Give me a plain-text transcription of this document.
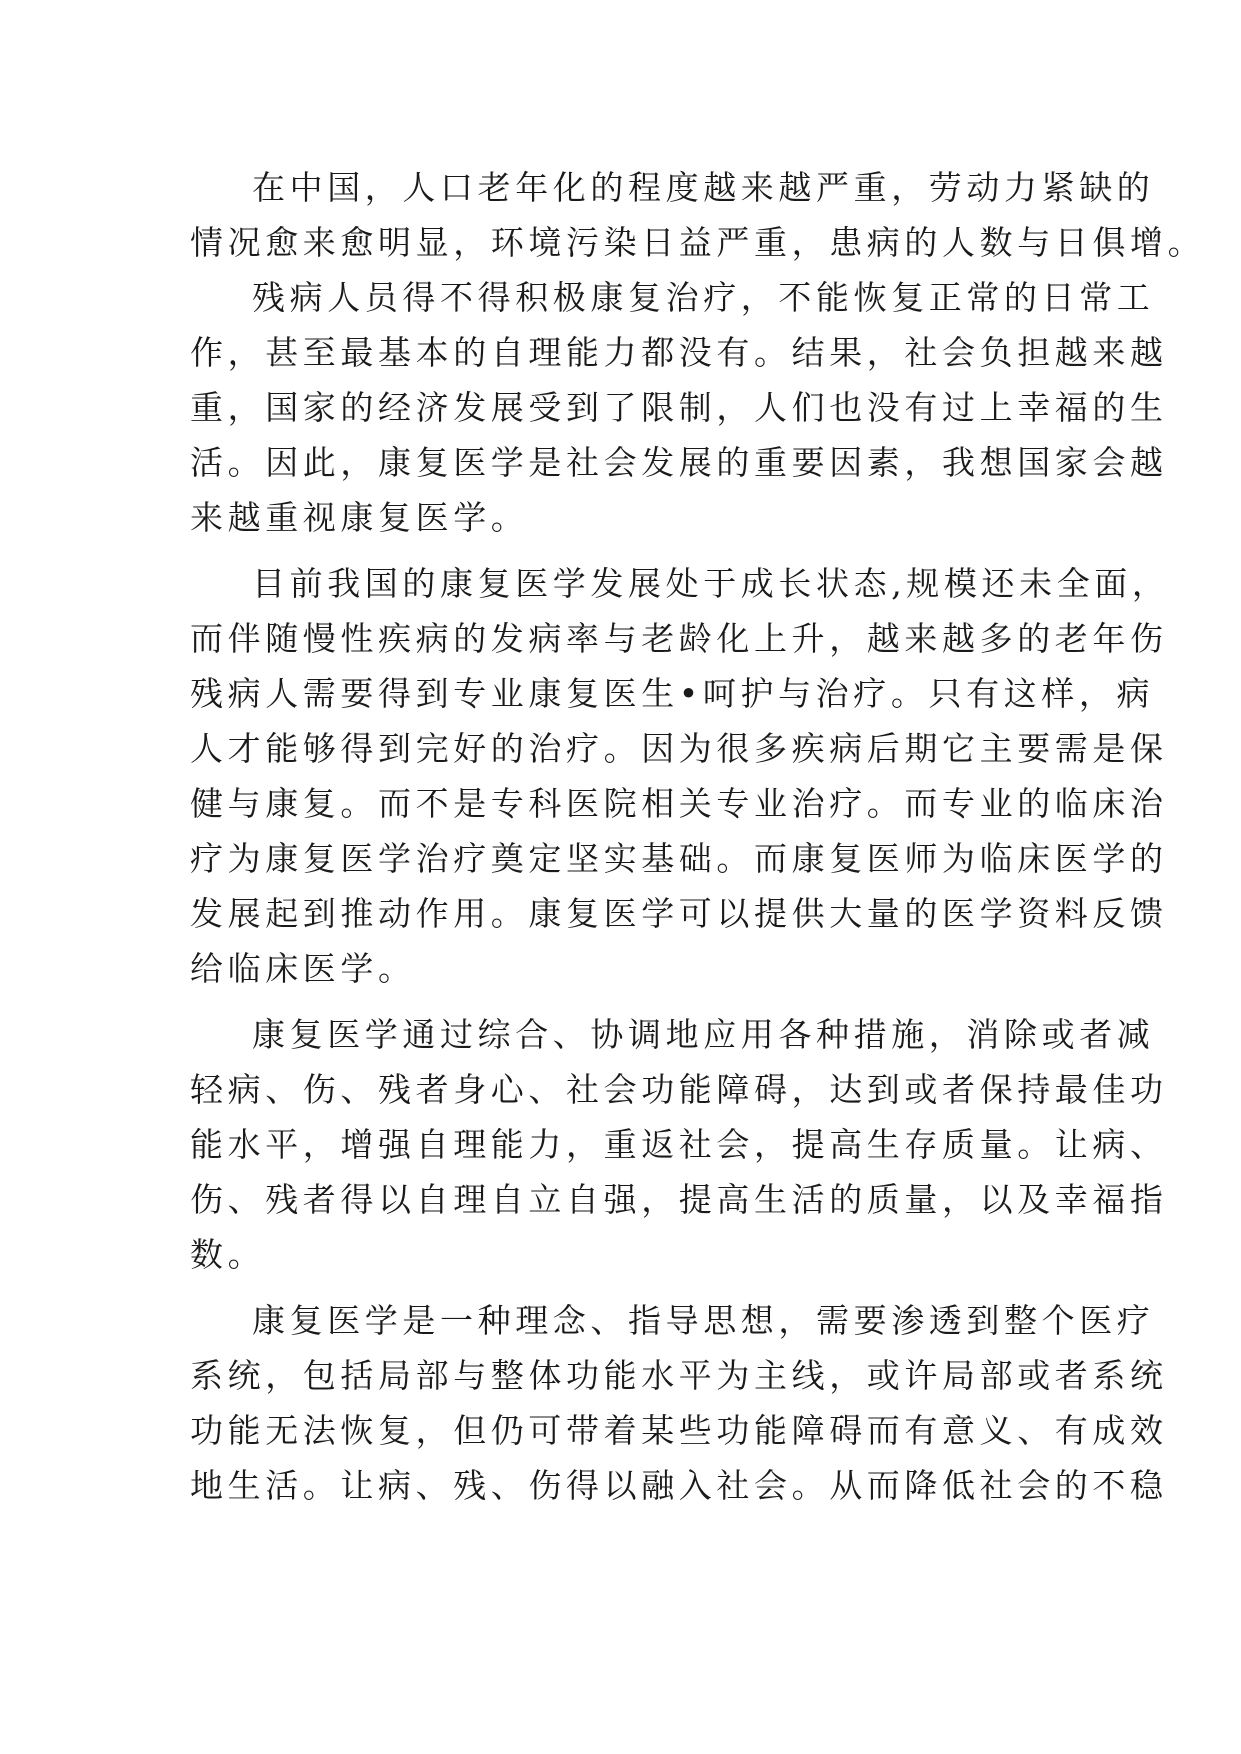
在中国，人口老年化的程度越来越严重，劳动力紧缺的
情况愈来愈明显，环境污染日益严重，患病的人数与日俱增。
残病人员得不得积极康复治疗，不能恢复正常的日常工
作，甚至最基本的自理能力都没有。结果，社会负担越来越
重，国家的经济发展受到了限制，人们也没有过上幸福的生
活。因此，康复医学是社会发展的重要因素，我想国家会越
来越重视康复医学。
目前我国的康复医学发展处于成长状态,规模还未全面，
而伴随慢性疾病的发病率与老龄化上升，越来越多的老年伤
残病人需要得到专业康复医生•呵护与治疗。只有这样，病
人才能够得到完好的治疗。因为很多疾病后期它主要需是保
健与康复。而不是专科医院相关专业治疗。而专业的临床治
疗为康复医学治疗奠定坚实基础。而康复医师为临床医学的
发展起到推动作用。康复医学可以提供大量的医学资料反馈
给临床医学。
康复医学通过综合、协调地应用各种措施，消除或者减
轻病、伤、残者身心、社会功能障碍，达到或者保持最佳功
能水平，增强自理能力，重返社会，提高生存质量。让病、
伤、残者得以自理自立自强，提高生活的质量，以及幸福指
数。
康复医学是一种理念、指导思想，需要渗透到整个医疗
系统，包括局部与整体功能水平为主线，或许局部或者系统
功能无法恢复，但仍可带着某些功能障碍而有意义、有成效
地生活。让病、残、伤得以融入社会。从而降低社会的不稳
